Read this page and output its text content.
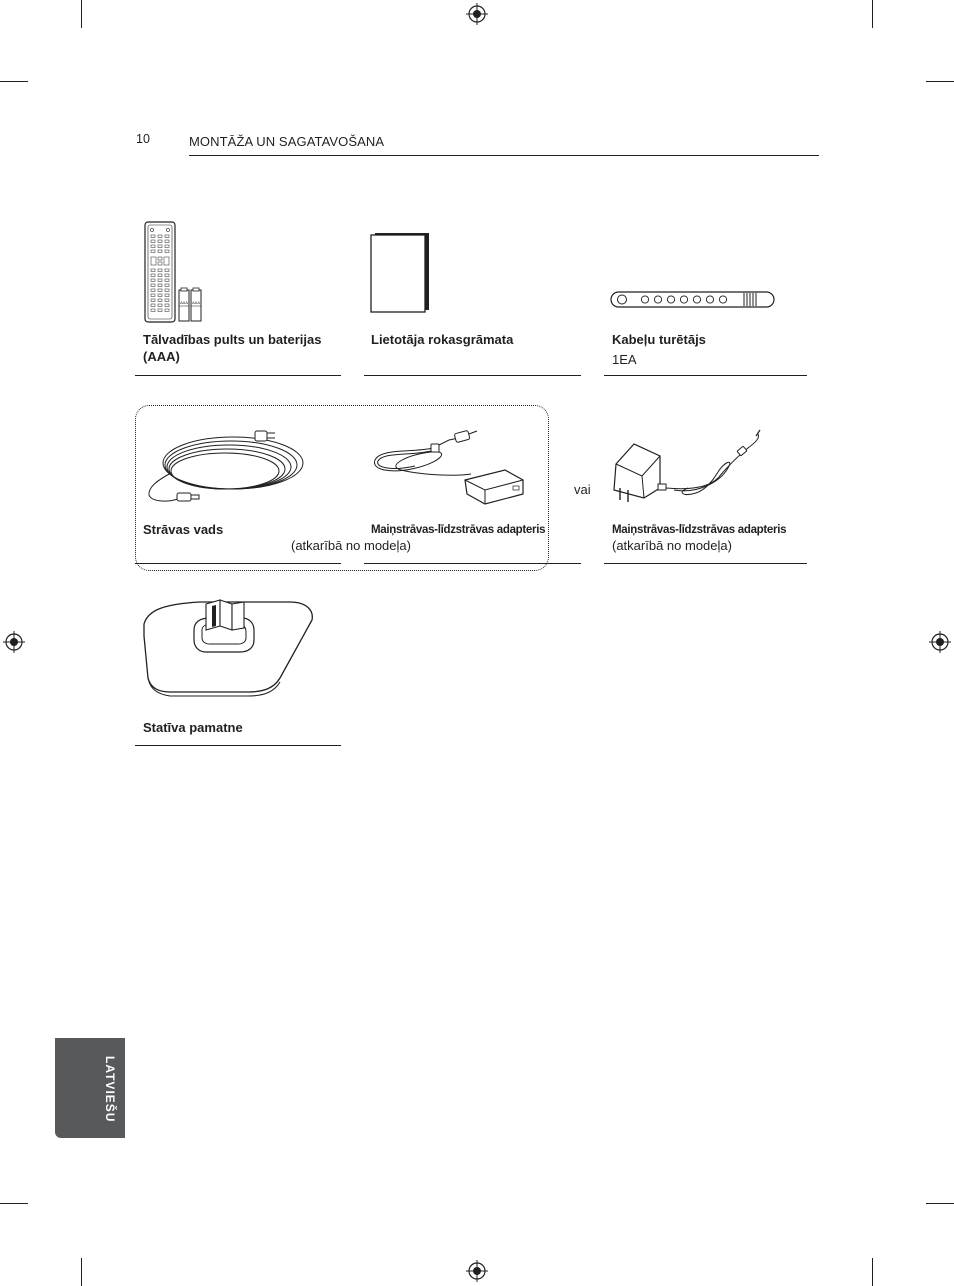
10	MONTĀŽA UN SAGATAVOŠANA
AAA AAA
Tālvadības pults un baterijas (AAA)
Lietotāja rokasgrāmata	Kabeļu turētājs
1EA
Strāvas vads	Maiņstrāvas-līdzstrāvas adapteris
(atkarībā no modeļa)
vai
Maiņstrāvas-līdzstrāvas adapteris
(atkarībā no modeļa)
Statīva pamatne
LATVIEŠU
